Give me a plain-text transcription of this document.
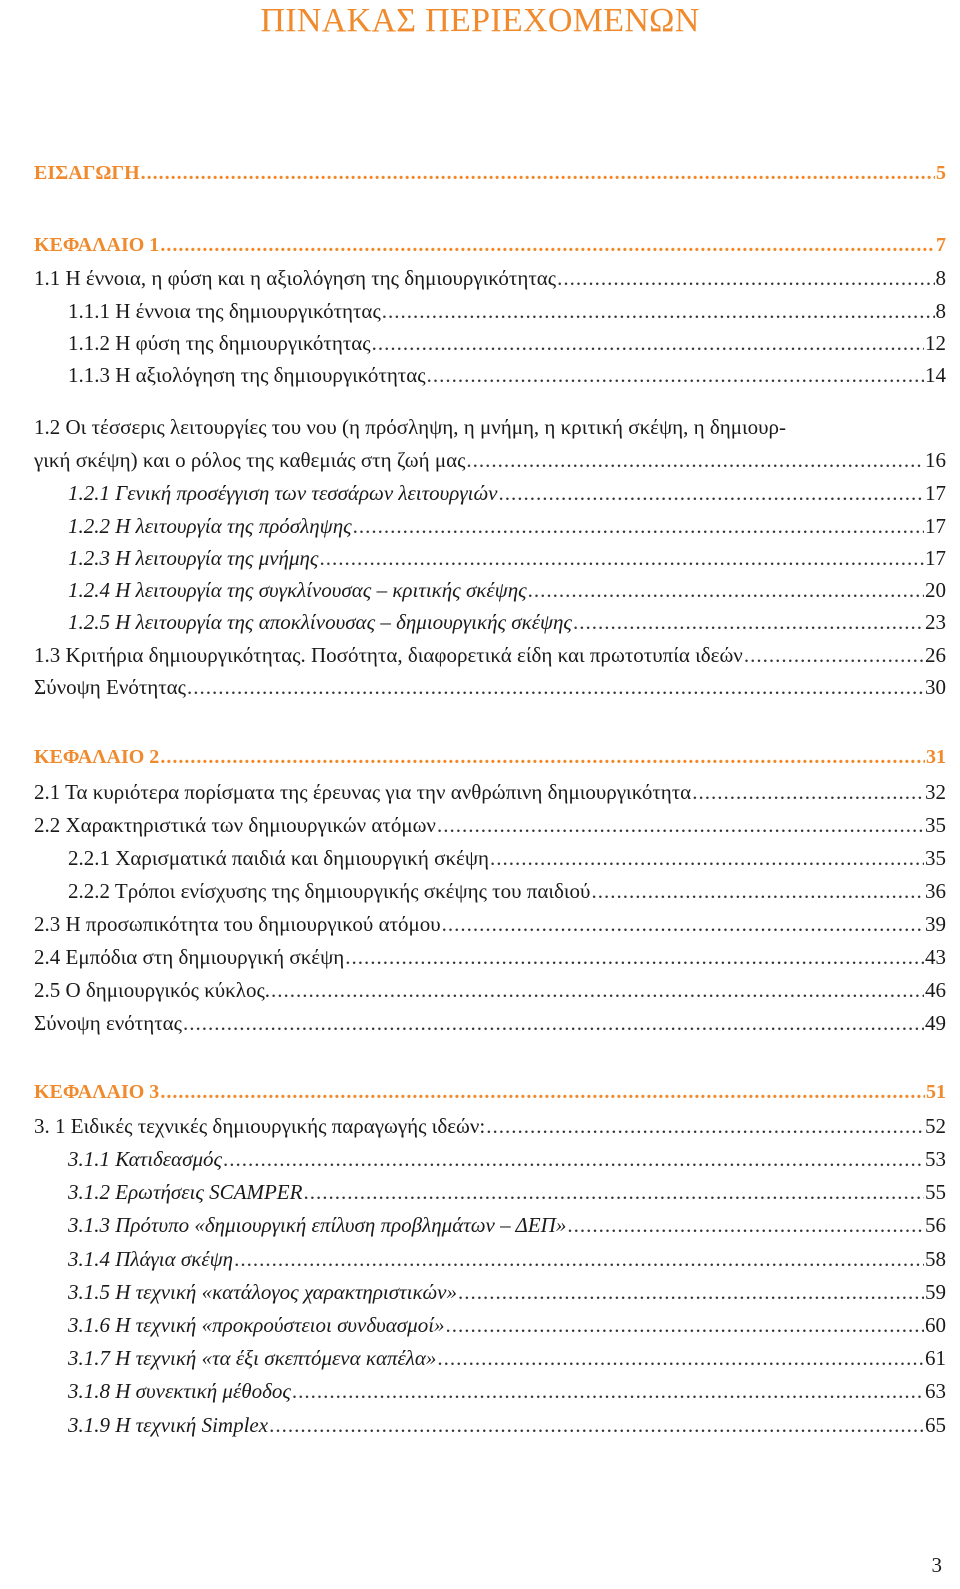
ΠΙΝΑΚΑΣ ΠΕΡΙΕΧΟΜΕΝΩΝ
ΕΙΣΑΓΩΓΗ .....	5
ΚΕΦΑΛΑΙΟ 1 .....	7
1.1 Η έννοια, η φύση και η αξιολόγηση της δημιουργικότητας .....	8
1.1.1 Η έννοια της δημιουργικότητας .....	8
1.1.2 Η φύση της δημιουργικότητας .....	12
1.1.3 Η αξιολόγηση της δημιουργικότητας .....	14
1.2 Οι τέσσερις λειτουργίες του νου (η πρόσληψη, η μνήμη, η κριτική σκέψη, η δημιουρ-
γική σκέψη) και ο ρόλος της καθεμιάς στη ζωή μας .....	16
1.2.1 Γενική προσέγγιση των τεσσάρων λειτουργιών .....	17
1.2.2 Η λειτουργία της πρόσληψης .....	17
1.2.3 Η λειτουργία της μνήμης .....	17
1.2.4 Η λειτουργία της συγκλίνουσας – κριτικής σκέψης .....	20
1.2.5 Η λειτουργία της αποκλίνουσας – δημιουργικής σκέψης .....	23
1.3 Κριτήρια δημιουργικότητας. Ποσότητα, διαφορετικά είδη και πρωτοτυπία ιδεών .....	26
Σύνοψη Ενότητας .....	30
ΚΕΦΑΛΑΙΟ 2 .....	31
2.1 Τα κυριότερα πορίσματα της έρευνας για την ανθρώπινη δημιουργικότητα .....	32
2.2 Χαρακτηριστικά των δημιουργικών ατόμων .....	35
2.2.1 Χαρισματικά παιδιά και δημιουργική σκέψη .....	35
2.2.2 Τρόποι ενίσχυσης της δημιουργικής σκέψης του παιδιού .....	36
2.3 Η προσωπικότητα του δημιουργικού ατόμου .....	39
2.4 Εμπόδια στη δημιουργική σκέψη .....	43
2.5 Ο δημιουργικός κύκλος. .....	46
Σύνοψη ενότητας .....	49
ΚΕΦΑΛΑΙΟ 3 .....	51
3. 1 Ειδικές τεχνικές δημιουργικής παραγωγής ιδεών: .....	52
3.1.1 Κατιδεασμός .....	53
3.1.2 Ερωτήσεις SCAMPER .....	55
3.1.3 Πρότυπο «δημιουργική επίλυση προβλημάτων – ΔΕΠ» .....	56
3.1.4 Πλάγια σκέψη .....	58
3.1.5 Η τεχνική «κατάλογος χαρακτηριστικών» .....	59
3.1.6 Η τεχνική «προκρούστειοι συνδυασμοί» .....	60
3.1.7 Η τεχνική «τα έξι σκεπτόμενα καπέλα» .....	61
3.1.8 Η συνεκτική μέθοδος .....	63
3.1.9 Η τεχνική Simplex .....	65
3
